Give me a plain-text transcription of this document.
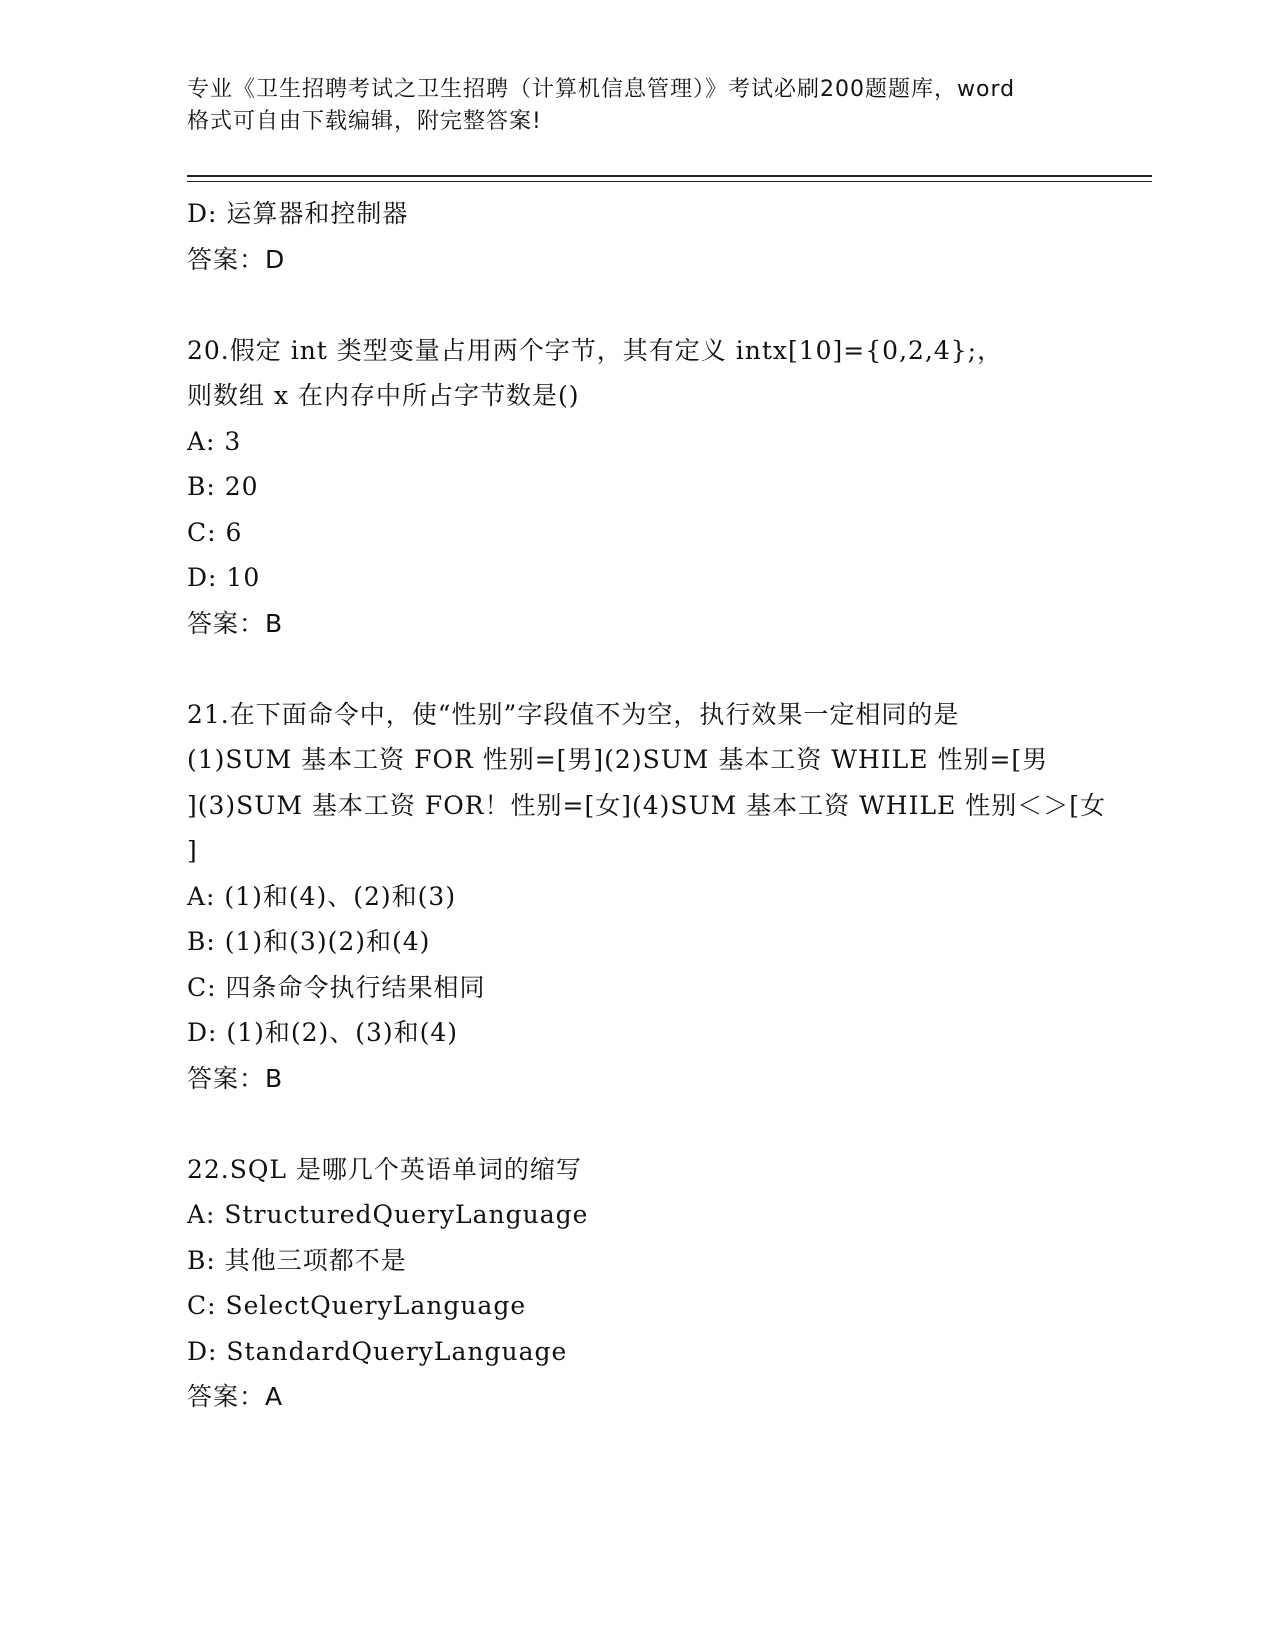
专业《卫生招聘考试之卫生招聘（计算机信息管理）》考试必刷200题题库，word
格式可自由下载编辑，附完整答案!
D: 运算器和控制器
答案：D
20.假定 int 类型变量占用两个字节，其有定义 intx[10]={0,2,4};，
则数组 x 在内存中所占字节数是()
A: 3
B: 20
C: 6
D: 10
答案：B
21.在下面命令中，使“性别”字段值不为空，执行效果一定相同的是
(1)SUM 基本工资 FOR 性别=[男](2)SUM 基本工资 WHILE 性别=[男
](3)SUM 基本工资 FOR！性别=[女](4)SUM 基本工资 WHILE 性别＜＞[女
]
A: (1)和(4)、(2)和(3)
B: (1)和(3)(2)和(4)
C: 四条命令执行结果相同
D: (1)和(2)、(3)和(4)
答案：B
22.SQL 是哪几个英语单词的缩写
A: StructuredQueryLanguage
B: 其他三项都不是
C: SelectQueryLanguage
D: StandardQueryLanguage
答案：A
